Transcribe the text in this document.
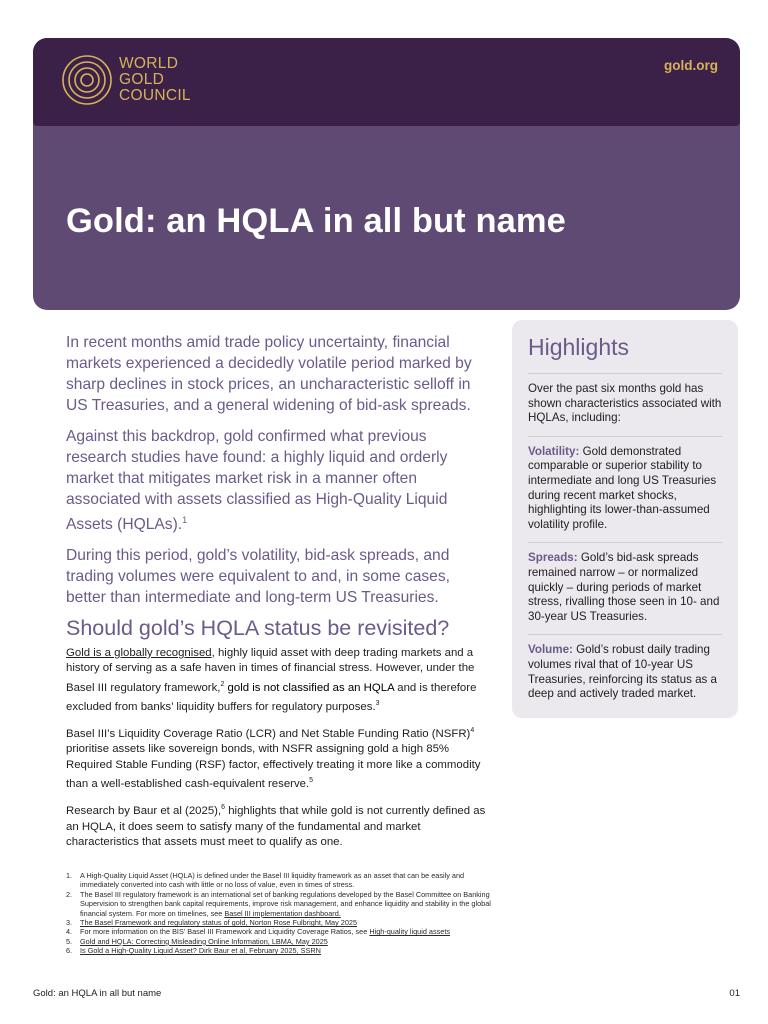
WORLD
GOLD
COUNCIL
gold.org
Gold: an HQLA in all but name

In recent months amid trade policy uncertainty, financial markets experienced a decidedly volatile period marked by sharp declines in stock prices, an uncharacteristic selloff in US Treasuries, and a general widening of bid-ask spreads.

Against this backdrop, gold confirmed what previous research studies have found: a highly liquid and orderly market that mitigates market risk in a manner often associated with assets classified as High-Quality Liquid Assets (HQLAs).$^1$

During this period, gold’s volatility, bid-ask spreads, and trading volumes were equivalent to and, in some cases, better than intermediate and long-term US Treasuries.

Should gold’s HQLA status be revisited?

Gold is a globally recognised, highly liquid asset with deep trading markets and a history of serving as a safe haven in times of financial stress. However, under the Basel III regulatory framework,$^2$ gold is not classified as an HQLA and is therefore excluded from banks’ liquidity buffers for regulatory purposes.$^3$

Basel III’s Liquidity Coverage Ratio (LCR) and Net Stable Funding Ratio (NSFR)$^4$ prioritise assets like sovereign bonds, with NSFR assigning gold a high 85% Required Stable Funding (RSF) factor, effectively treating it more like a commodity than a well-established cash-equivalent reserve.$^5$

Research by Baur et al (2025),$^6$ highlights that while gold is not currently defined as an HQLA, it does seem to satisfy many of the fundamental and market characteristics that assets must meet to qualify as one.

Highlights
Over the past six months gold has shown characteristics associated with HQLAs, including:
Volatility: Gold demonstrated comparable or superior stability to intermediate and long US Treasuries during recent market shocks, highlighting its lower-than-assumed volatility profile.
Spreads: Gold’s bid-ask spreads remained narrow – or normalized quickly – during periods of market stress, rivalling those seen in 10- and 30-year US Treasuries.
Volume: Gold’s robust daily trading volumes rival that of 10-year US Treasuries, reinforcing its status as a deep and actively traded market.
1.	A High-Quality Liquid Asset (HQLA) is defined under the Basel III liquidity framework as an asset that can be easily and immediately converted into cash with little or no loss of value, even in times of stress.
2.	The Basel III regulatory framework is an international set of banking regulations developed by the Basel Committee on Banking Supervision to strengthen bank capital requirements, improve risk management, and enhance liquidity and stability in the global financial system. For more on timelines, see Basel III implementation dashboard.
3.	The Basel Framework and regulatory status of gold, Norton Rose Fulbright, May 2025
4.	For more information on the BIS’ Basel III Framework and Liquidity Coverage Ratios, see High-quality liquid assets
5.	Gold and HQLA: Correcting Misleading Online Information, LBMA, May 2025
6.	Is Gold a High-Quality Liquid Asset? Dirk Baur et al, February 2025, SSRN
Gold: an HQLA in all but name	01
